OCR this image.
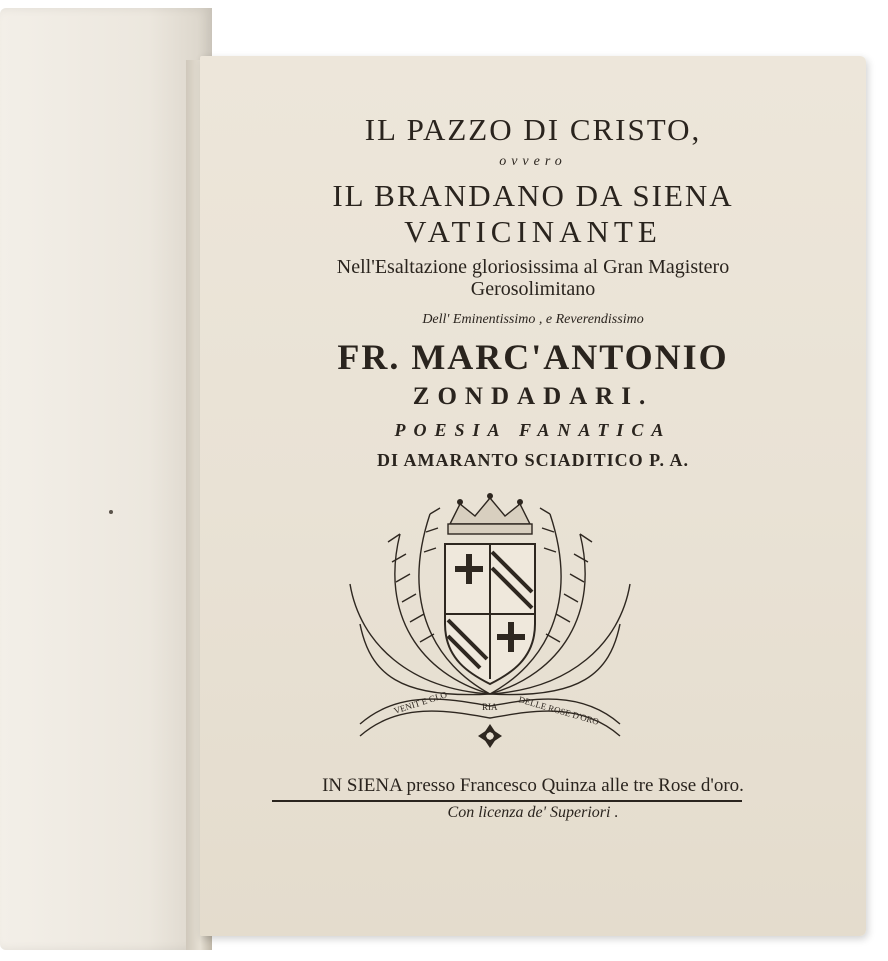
IL PAZZO DI CRISTO,
ovvero
IL BRANDANO DA SIENA
VATICINANTE
Nell'Esaltazione gloriosissima al Gran Magistero
Gerosolimitano
Dell' Eminentissimo , e Reverendissimo
FR. MARC'ANTONIO
ZONDADARI.
POESIA FANATICA
DI AMARANTO SCIADITICO P. A.
VENIT E GLO	RIA DELLE ROSE D'ORO
IN SIENA presso Francesco Quinza alle tre Rose d'oro.
Con licenza de' Superiori .
